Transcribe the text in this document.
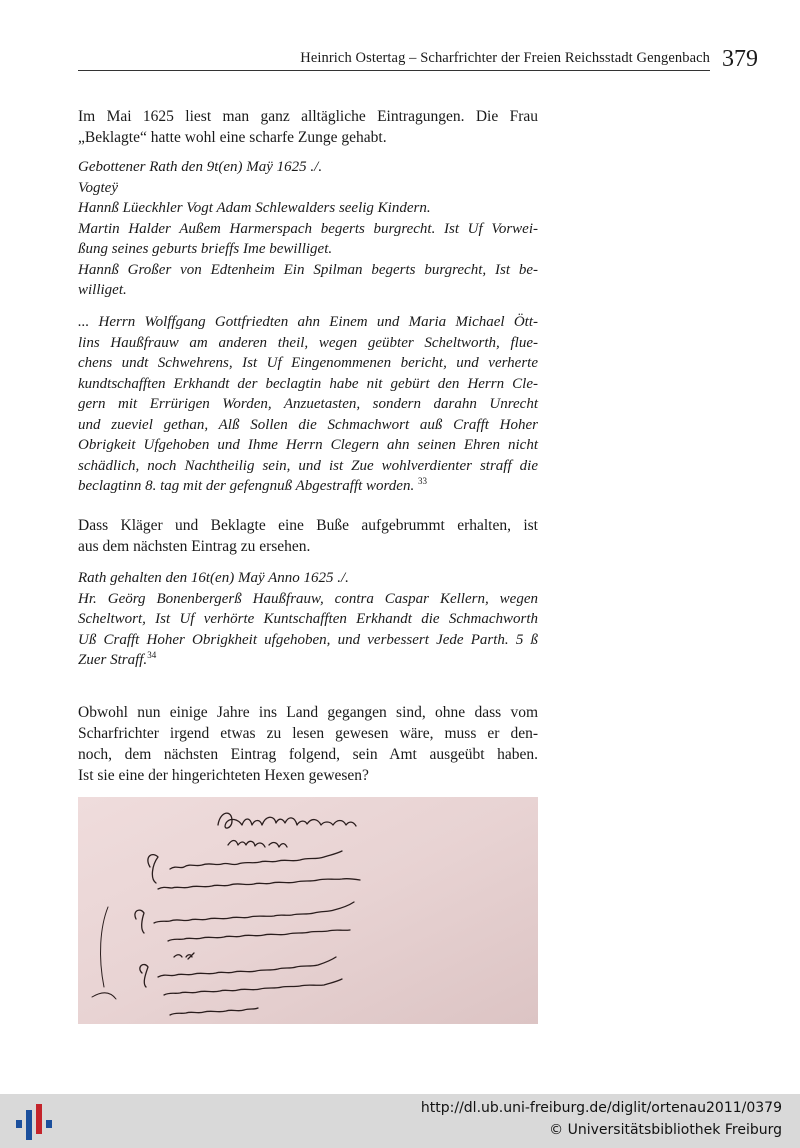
Heinrich Ostertag – Scharfrichter der Freien Reichsstadt Gengenbach 379

Im Mai 1625 liest man ganz alltägliche Eintragungen. Die Frau
„Beklagte“ hatte wohl eine scharfe Zunge gehabt.

Gebottener Rath den 9t(en) Maÿ 1625 ./.
Vogteÿ
Hannß Lüeckhler Vogt Adam Schlewalders seelig Kindern.
Martin Halder Außem Harmerspach begerts burgrecht. Ist Uf Vorwei-
ßung seines geburts brieffs Ime bewilliget.
Hannß Großer von Edtenheim Ein Spilman begerts burgrecht, Ist be-
williget.
... Herrn Wolffgang Gottfriedten ahn Einem und Maria Michael Ött-
lins Haußfrauw am anderen theil, wegen geübter Scheltworth, flue-
chens undt Schwehrens, Ist Uf Eingenommenen bericht, und verherte
kundtschafften Erkhandt der beclagtin habe nit gebürt den Herrn Cle-
gern mit Errürigen Worden, Anzuetasten, sondern darahn Unrecht
und zueviel gethan, Alß Sollen die Schmachwort auß Crafft Hoher
Obrigkeit Ufgehoben und Ihme Herrn Clegern ahn seinen Ehren nicht
schädlich, noch Nachtheilig sein, und ist Zue wohlverdienter straff die
beclagtinn 8. tag mit der gefengnuß Abgestrafft worden. $^{33}$

Dass Kläger und Beklagte eine Buße aufgebrummt erhalten, ist
aus dem nächsten Eintrag zu ersehen.

Rath gehalten den 16t(en) Maÿ Anno 1625 ./.
Hr. Geörg Bonenbergerß Haußfrauw, contra Caspar Kellern, wegen
Scheltwort, Ist Uf verhörte Kuntschafften Erkhandt die Schmachworth
Uß Crafft Hoher Obrigkheit ufgehoben, und verbessert Jede Parth. 5 ß
Zuer Straff.$^{34}$

Obwohl nun einige Jahre ins Land gegangen sind, ohne dass vom
Scharfrichter irgend etwas zu lesen gewesen wäre, muss er den-
noch, dem nächsten Eintrag folgend, sein Amt ausgeübt haben.
Ist sie eine der hingerichteten Hexen gewesen?

http://dl.ub.uni-freiburg.de/diglit/ortenau2011/0379
© Universitätsbibliothek Freiburg
